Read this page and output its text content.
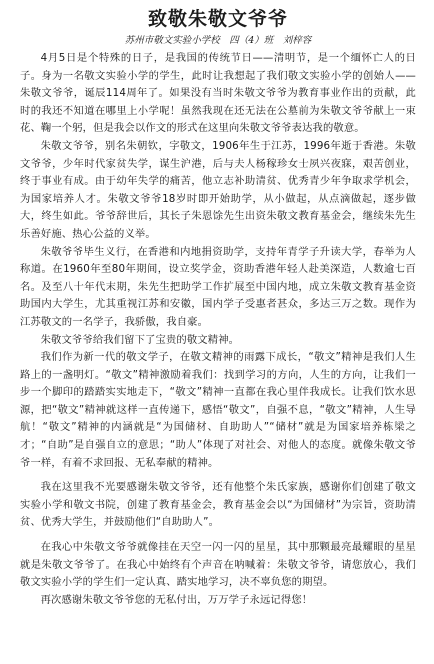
致敬朱敬文爷爷
苏州市敬文实验小学校　四（4）班　刘梓容

4月5日是个特殊的日子，是我国的传统节日——清明节，是一个缅怀亡人的日子。身为一名敬文实验小学的学生，此时让我想起了我们敬文实验小学的创始人——朱敬文爷爷，诞辰114周年了。如果没有当时朱敬文爷爷为教育事业作出的贡献，此时的我还不知道在哪里上小学呢！虽然我现在还无法在公墓前为朱敬文爷爷献上一束花、鞠一个躬，但是我会以作文的形式在这里向朱敬文爷爷表达我的敬意。

朱敬文爷爷，别名朱朝钦，字敬文，1906年生于江苏，1996年逝于香港。朱敬文爷爷，少年时代家贫失学，谋生沪港，后与夫人杨稼珍女士夙兴夜寐，艰苦创业，终于事业有成。由于幼年失学的痛苦，他立志补助清贫、优秀青少年争取求学机会，为国家培养人才。朱敬文爷爷18岁时即开始助学，从小做起，从点滴做起，逐步做大，终生如此。爷爷辞世后，其长子朱恩馀先生出资朱敬文教育基金会，继续朱先生乐善好施、热心公益的义举。

朱敬爷爷毕生义行，在香港和内地捐资助学，支持年青学子升读大学，春举为人称道。在1960年至80年期间，设立奖学金，资助香港年轻人赴美深造，人数逾七百名。及至八十年代末期，朱先生把助学工作扩展至中国内地，成立朱敬文教育基金资助国内大学生，尤其重视江苏和安徽，国内学子受惠者甚众，多达三万之数。现作为江苏敬文的一名学子，我骄傲，我自豪。

朱敬文爷爷给我们留下了宝贵的敬文精神。

我们作为新一代的敬文学子，在敬文精神的雨露下成长，“敬文”精神是我们人生路上的一盏明灯。“敬文”精神激励着我们：找到学习的方向，人生的方向，让我们一步一个脚印的踏踏实实地走下，“敬文”精神一直都在我心里伴我成长。让我们饮水思源，把“敬文”精神就这样一直传递下，感悟“敬文”，自强不息，“敬文”精神，人生导航！“敬文”精神的内涵就是“为国储材、自助助人”“储材”就是为国家培养栋梁之才；“自助”是自强自立的意思；“助人”体现了对社会、对他人的态度。就像朱敬文爷爷一样，有着不求回报、无私奉献的精神。

我在这里我不光要感谢朱敬文爷爷，还有他整个朱氏家族，感谢你们创建了敬文实验小学和敬文书院，创建了教育基金会，教育基金会以“为国储材”为宗旨，资助清贫、优秀大学生，并鼓励他们“自助助人”。

在我心中朱敬文爷爷就像挂在天空一闪一闪的星星，其中那颗最亮最耀眼的星星就是朱敬文爷爷了。在我心中始终有个声音在呐喊着：朱敬文爷爷，请您放心，我们敬文实验小学的学生们一定认真、踏实地学习，决不辜负您的期望。

再次感谢朱敬文爷爷您的无私付出，万万学子永远记得您！
